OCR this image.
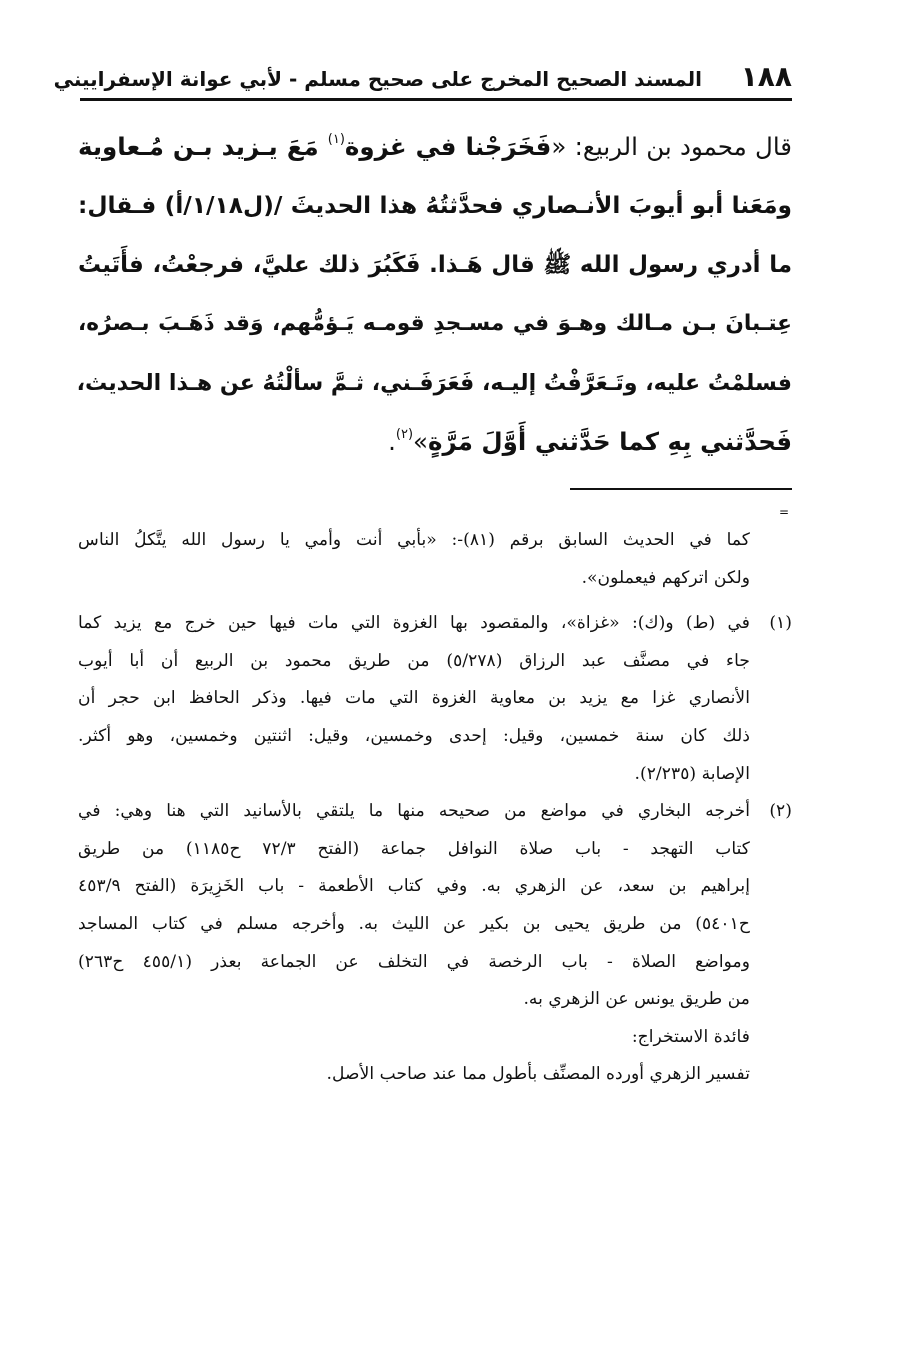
١٨٨
المسند الصحيح المخرج على صحيح مسلم - لأبي عوانة الإسفراييني
قال محمود بن الربيع: «فَخَرَجْنا في غزوة$^{(١)}$ مَعَ يـزيد بـن مُـعاوية
ومَعَنا أبو أيوبَ الأنـصاري فحدَّثتُهُ هذا الحديثَ /(ل١/١٨/أ) فـقال:
ما أدري رسول الله ﷺ قال هَـذا. فَكَبُرَ ذلك عليَّ، فرجعْتُ، فأَتَيتُ
عِتـبانَ بـن مـالك وهـوَ في مسـجدِ قومـه يَـؤمُّهم، وَقد ذَهَـبَ بـصرُه،
فسلمْتُ عليه، وتَـعَرَّفْتُ إليـه، فَعَرَفَـني، ثـمَّ سألْتُهُ عن هـذا الحديث،
فَحدَّثني بِهِ كما حَدَّثني أَوَّلَ مَرَّةٍ»$^{(٢)}$.
=
كما في الحديث السابق برقم (٨١)-: «بأبي أنت وأمي يا رسول الله يتَّكلُ الناس
ولكن اتركهم فيعملون».
(١)في (ط) و(ك): «غزاة»، والمقصود بها الغزوة التي مات فيها حين خرج مع يزيد كما
جاء في مصنَّف عبد الرزاق (٥/٢٧٨) من طريق محمود بن الربيع أن أبا أيوب
الأنصاري غزا مع يزيد بن معاوية الغزوة التي مات فيها. وذكر الحافظ ابن حجر أن
ذلك كان سنة خمسين، وقيل: إحدى وخمسين، وقيل: اثنتين وخمسين، وهو أكثر.
الإصابة (٢/٢٣٥).
(٢)أخرجه البخاري في مواضع من صحيحه منها ما يلتقي بالأسانيد التي هنا وهي: في
كتاب التهجد - باب صلاة النوافل جماعة (الفتح ٧٢/٣ ح١١٨٥) من طريق
إبراهيم بن سعد، عن الزهري به. وفي كتاب الأطعمة - باب الخَزِيرَة (الفتح ٤٥٣/٩
ح٥٤٠١) من طريق يحيى بن بكير عن الليث به. وأخرجه مسلم في كتاب المساجد
ومواضع الصلاة - باب الرخصة في التخلف عن الجماعة بعذر (٤٥٥/١ ح٢٦٣)
من طريق يونس عن الزهري به.
فائدة الاستخراج:
تفسير الزهري أورده المصنِّف بأطول مما عند صاحب الأصل.
